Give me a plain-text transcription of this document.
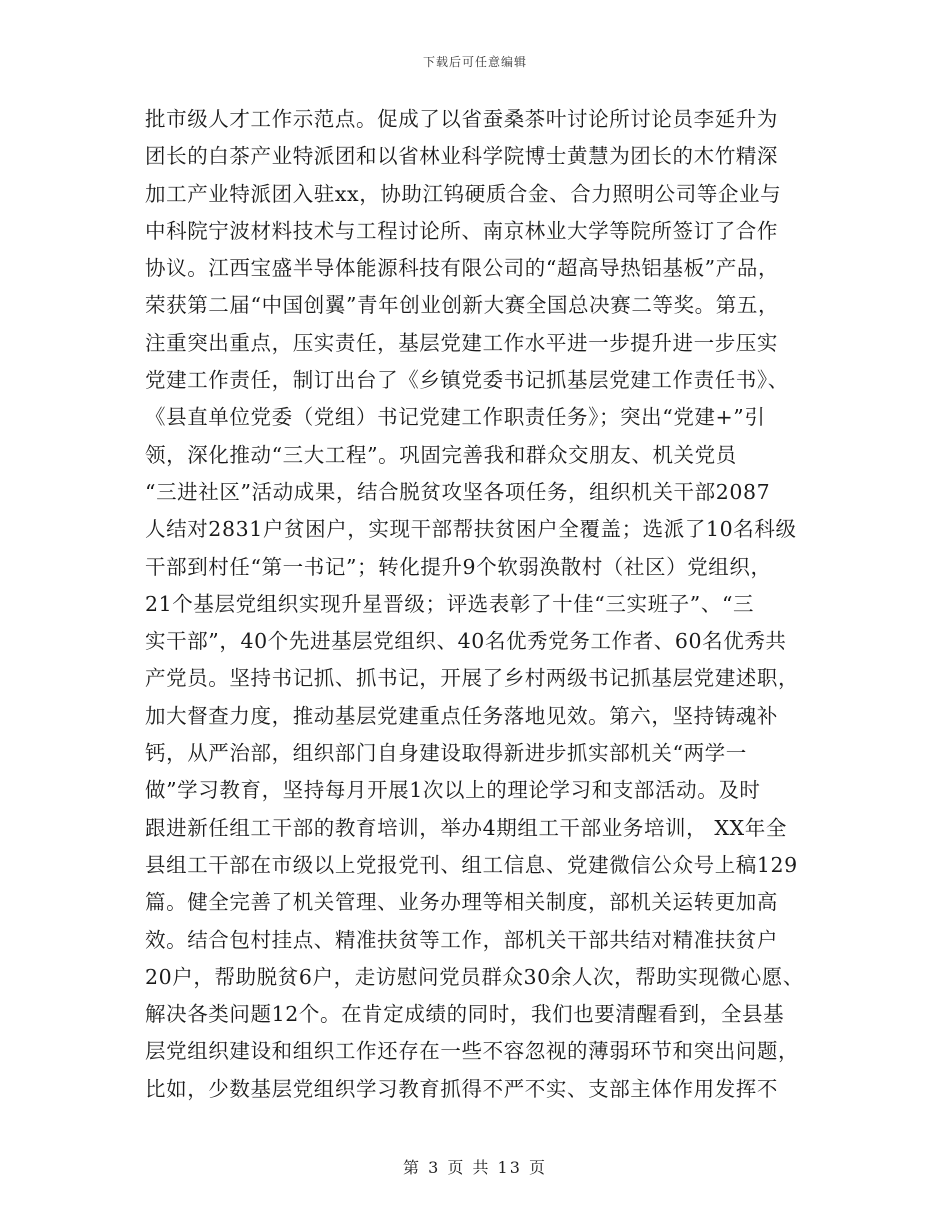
下载后可任意编辑
批市级人才工作示范点。促成了以省蚕桑茶叶讨论所讨论员李延升为
团长的白茶产业特派团和以省林业科学院博士黄慧为团长的木竹精深
加工产业特派团入驻xx，协助江钨硬质合金、合力照明公司等企业与
中科院宁波材料技术与工程讨论所、南京林业大学等院所签订了合作
协议。江西宝盛半导体能源科技有限公司的“超高导热铝基板”产品，
荣获第二届“中国创翼”青年创业创新大赛全国总决赛二等奖。第五，
注重突出重点，压实责任，基层党建工作水平进一步提升进一步压实
党建工作责任，制订出台了《乡镇党委书记抓基层党建工作责任书》、
《县直单位党委（党组）书记党建工作职责任务》；突出“党建+”引
领，深化推动“三大工程”。巩固完善我和群众交朋友、机关党员
“三进社区”活动成果，结合脱贫攻坚各项任务，组织机关干部2087
人结对2831户贫困户，实现干部帮扶贫困户全覆盖；选派了10名科级
干部到村任“第一书记”；转化提升9个软弱涣散村（社区）党组织，
21个基层党组织实现升星晋级；评选表彰了十佳“三实班子”、“三
实干部”，40个先进基层党组织、40名优秀党务工作者、60名优秀共
产党员。坚持书记抓、抓书记，开展了乡村两级书记抓基层党建述职，
加大督查力度，推动基层党建重点任务落地见效。第六，坚持铸魂补
钙，从严治部，组织部门自身建设取得新进步抓实部机关“两学一
做”学习教育，坚持每月开展1次以上的理论学习和支部活动。及时
跟进新任组工干部的教育培训，举办4期组工干部业务培训， XX年全
县组工干部在市级以上党报党刊、组工信息、党建微信公众号上稿129
篇。健全完善了机关管理、业务办理等相关制度，部机关运转更加高
效。结合包村挂点、精准扶贫等工作，部机关干部共结对精准扶贫户
20户，帮助脱贫6户，走访慰问党员群众30余人次，帮助实现微心愿、
解决各类问题12个。在肯定成绩的同时，我们也要清醒看到，全县基
层党组织建设和组织工作还存在一些不容忽视的薄弱环节和突出问题，
比如，少数基层党组织学习教育抓得不严不实、支部主体作用发挥不
第 3 页 共 13 页
